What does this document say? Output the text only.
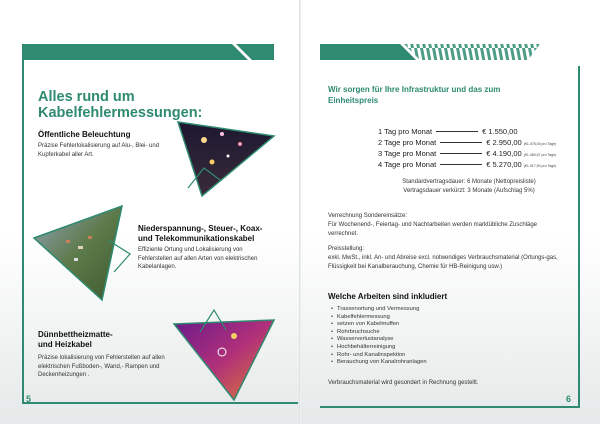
Alles rund um Kabelfehlermessungen:
Öffentliche Beleuchtung
Präzise Fehlerlokalisierung auf Alu-, Blei- und Kupferkabel aller Art.
Niederspannung-, Steuer-, Koax- und Telekommunikationskabel
Effiziente Ortung und Lokalisierung von Fehlerstellen auf allen Arten von elektrischen Kabelanlagen.
Dünnbettheizmatte- und Heizkabel
Präzise lokalisierung von Fehlerstellen auf allen elektrischen Fußboden-, Wand,- Rampen und Deckenheizungen .
5
Wir sorgen für Ihre Infrastruktur und das zum Einheitspreis
1 Tag pro Monat	€ 1.550,00
2 Tage pro Monat	€ 2.950,00 (€1.475,00 pro Tage)
3 Tage pro Monat	€ 4.190,00 (€1.369,67 pro Tage)
4 Tage pro Monat	€ 5.270,00 (€1.317,50 pro Tage)
Standardvertragsdauer: 6 Monate (Nettopreisliste)
Vertragsdauer verkürzt: 3 Monate (Aufschlag 5%)
Verrechnung Sondereinsätze:
Für Wochenend-, Feiertag- und Nachtarbeiten werden marktübliche Zuschläge verrechnet.
Preisstellung:
exkl. MwSt., inkl. An- und Abreise excl. notwendiges Verbrauchsmaterial (Ortungs-gas, Flüssigkeit bei Kanalberauchung, Chemie für HB-Reinigung usw.)
Welche Arbeiten sind inkludiert
• Trassenortung und Vermessung
• Kabelfehlermessung
• setzen von Kabelmuffen
• Rohrbruchsuche
• Wasserverlustanalyse
• Hochbehälterreinigung
• Rohr- und Kanalinspektion
• Berauchung von Kanalrohranlagen
Verbrauchsmaterial wird gesondert in Rechnung gestellt.
6
